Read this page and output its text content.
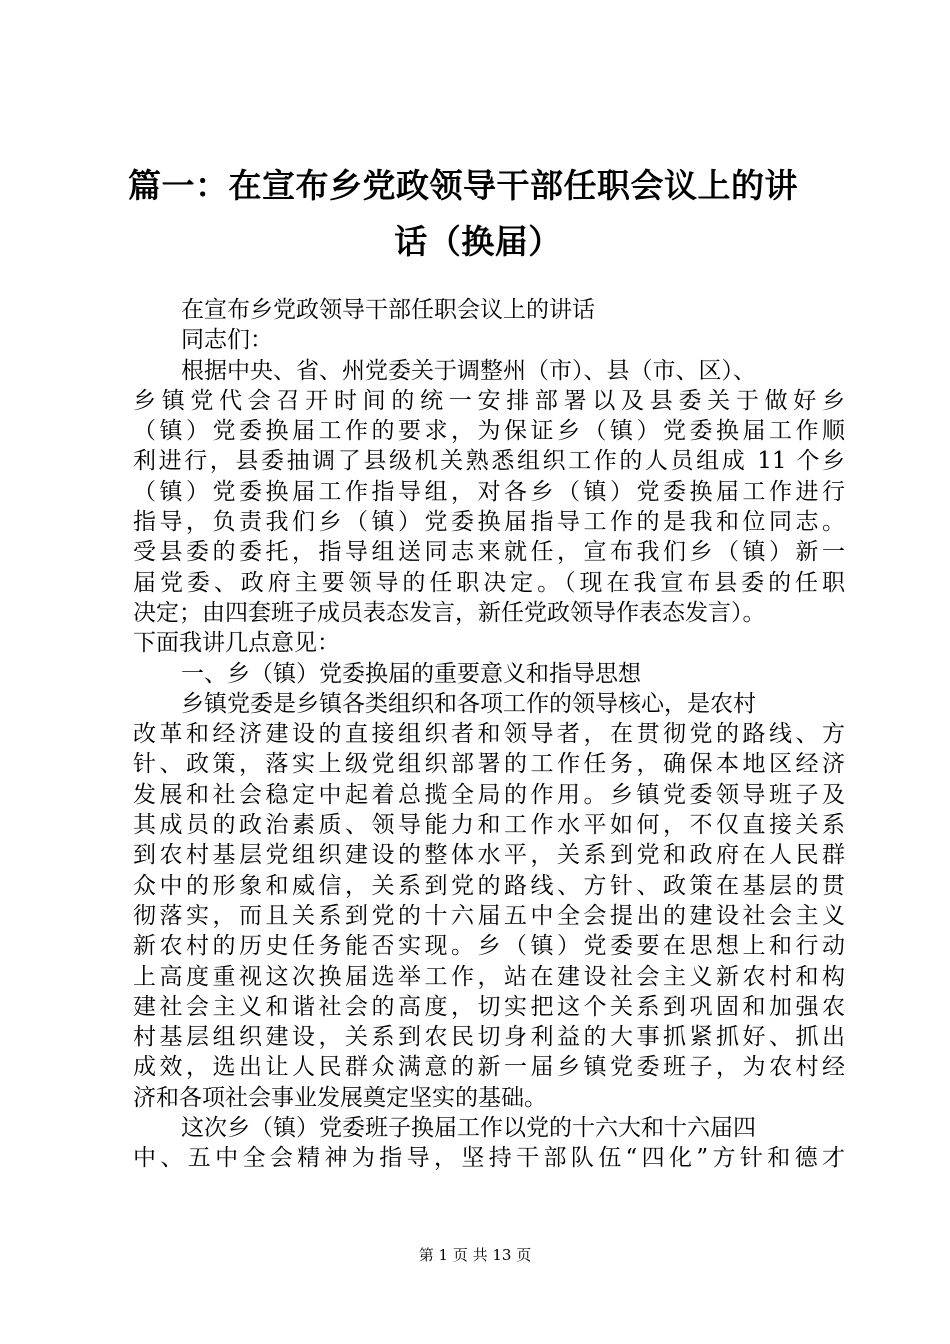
篇一：在宣布乡党政领导干部任职会议上的讲
话（换届）
在宣布乡党政领导干部任职会议上的讲话
同志们：
根据中央、省、州党委关于调整州（市）、县（市、区）、
乡镇党代会召开时间的统一安排部署以及县委关于做好乡
（镇）党委换届工作的要求，为保证乡（镇）党委换届工作顺
利进行，县委抽调了县级机关熟悉组织工作的人员组成 11 个乡
（镇）党委换届工作指导组，对各乡（镇）党委换届工作进行
指导，负责我们乡（镇）党委换届指导工作的是我和位同志。
受县委的委托，指导组送同志来就任，宣布我们乡（镇）新一
届党委、政府主要领导的任职决定。（现在我宣布县委的任职
决定；由四套班子成员表态发言，新任党政领导作表态发言）。
下面我讲几点意见：
一、乡（镇）党委换届的重要意义和指导思想
乡镇党委是乡镇各类组织和各项工作的领导核心，是农村
改革和经济建设的直接组织者和领导者，在贯彻党的路线、方
针、政策，落实上级党组织部署的工作任务，确保本地区经济
发展和社会稳定中起着总揽全局的作用。乡镇党委领导班子及
其成员的政治素质、领导能力和工作水平如何，不仅直接关系
到农村基层党组织建设的整体水平，关系到党和政府在人民群
众中的形象和威信，关系到党的路线、方针、政策在基层的贯
彻落实，而且关系到党的十六届五中全会提出的建设社会主义
新农村的历史任务能否实现。乡（镇）党委要在思想上和行动
上高度重视这次换届选举工作，站在建设社会主义新农村和构
建社会主义和谐社会的高度，切实把这个关系到巩固和加强农
村基层组织建设，关系到农民切身利益的大事抓紧抓好、抓出
成效，选出让人民群众满意的新一届乡镇党委班子，为农村经
济和各项社会事业发展奠定坚实的基础。
这次乡（镇）党委班子换届工作以党的十六大和十六届四
中、五中全会精神为指导，坚持干部队伍“四化”方针和德才
第 1 页 共 13 页
